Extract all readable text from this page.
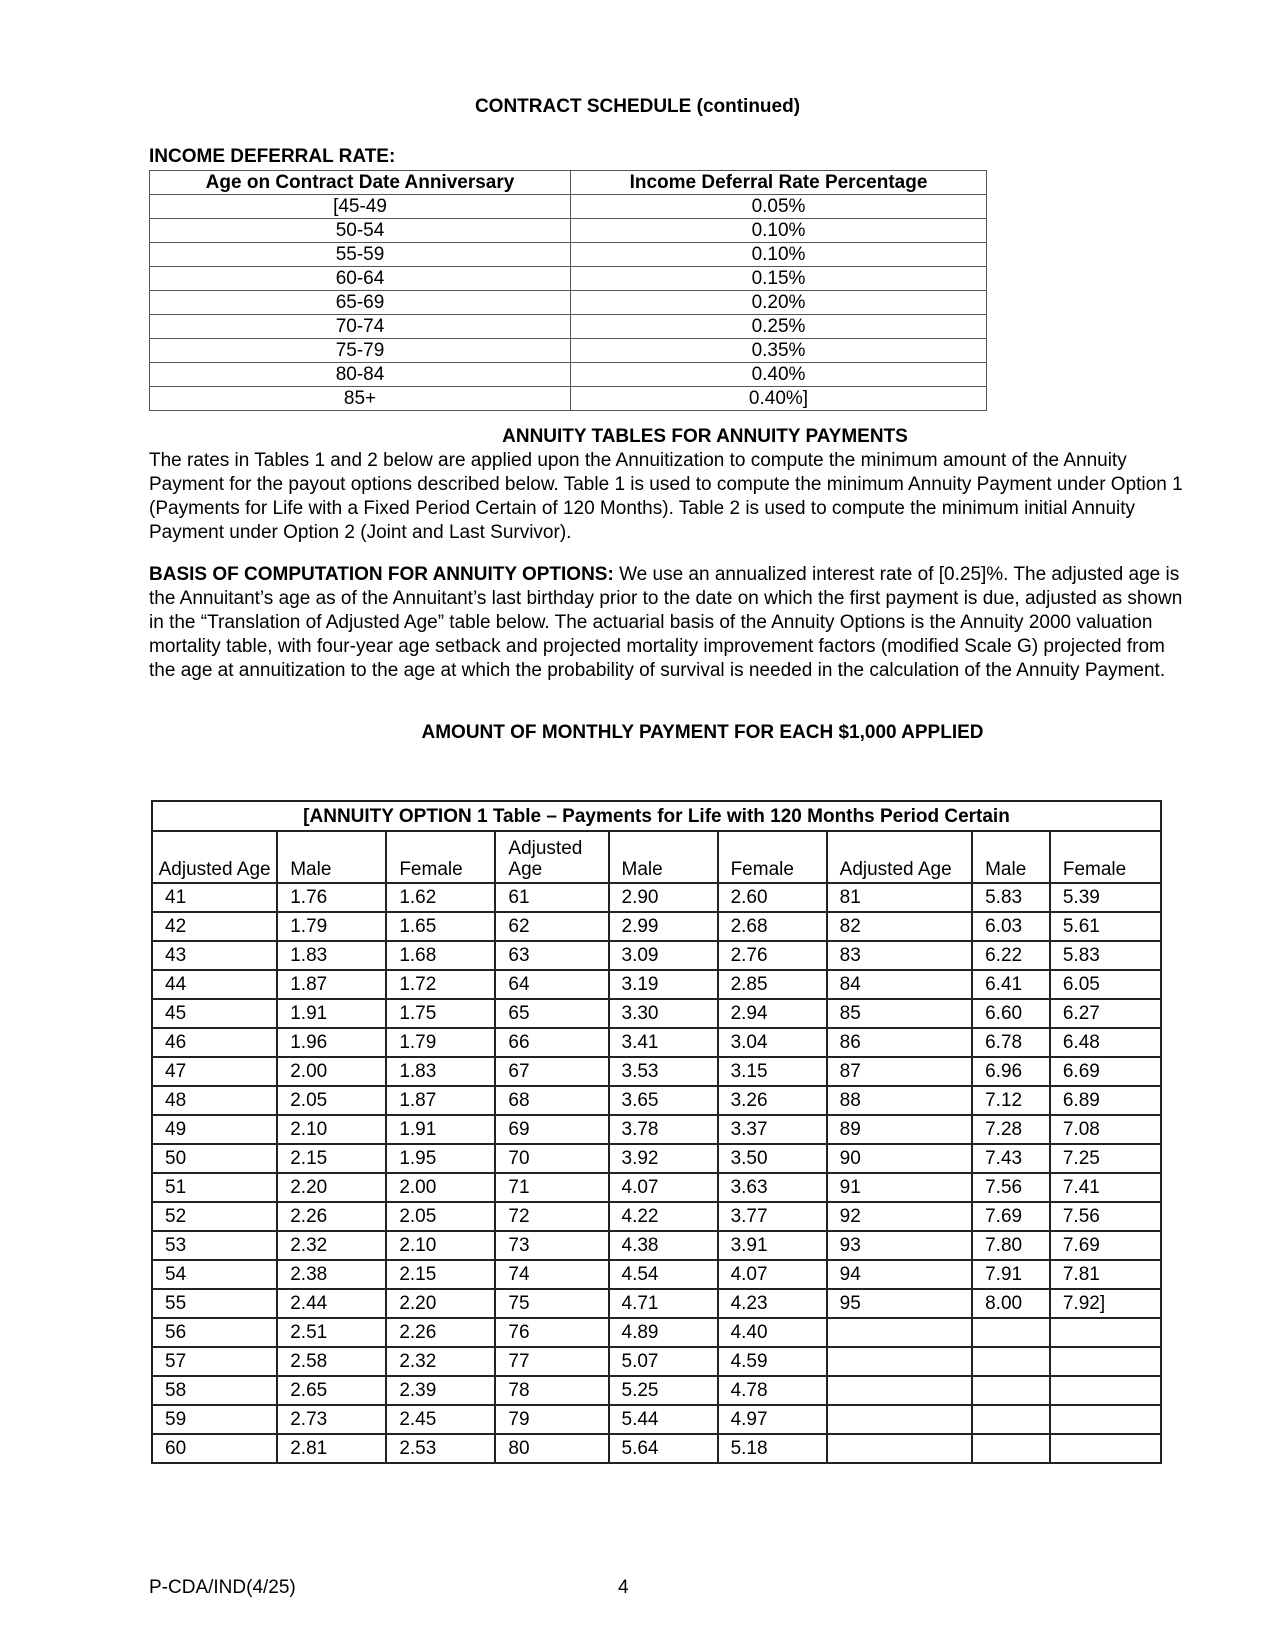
CONTRACT SCHEDULE (continued)
INCOME DEFERRAL RATE:
Age on Contract Date Anniversary	Income Deferral Rate Percentage
[45-49	0.05%
50-54	0.10%
55-59	0.10%
60-64	0.15%
65-69	0.20%
70-74	0.25%
75-79	0.35%
80-84	0.40%
85+	0.40%]
ANNUITY TABLES FOR ANNUITY PAYMENTS

The rates in Tables 1 and 2 below are applied upon the Annuitization to compute the minimum amount of the Annuity Payment for the payout options described below. Table 1 is used to compute the minimum Annuity Payment under Option 1 (Payments for Life with a Fixed Period Certain of 120 Months). Table 2 is used to compute the minimum initial Annuity Payment under Option 2 (Joint and Last Survivor).

BASIS OF COMPUTATION FOR ANNUITY OPTIONS: We use an annualized interest rate of [0.25]%. The adjusted age is the Annuitant’s age as of the Annuitant’s last birthday prior to the date on which the first payment is due, adjusted as shown in the “Translation of Adjusted Age” table below. The actuarial basis of the Annuity Options is the Annuity 2000 valuation mortality table, with four-year age setback and projected mortality improvement factors (modified Scale G) projected from the age at annuitization to the age at which the probability of survival is needed in the calculation of the Annuity Payment.

AMOUNT OF MONTHLY PAYMENT FOR EACH $1,000 APPLIED
[ANNUITY OPTION 1 Table – Payments for Life with 120 Months Period Certain								
Adjusted Age	Male	Female	Adjusted Age	Male	Female	Adjusted Age	Male	Female
41	1.76	1.62	61	2.90	2.60	81	5.83	5.39
42	1.79	1.65	62	2.99	2.68	82	6.03	5.61
43	1.83	1.68	63	3.09	2.76	83	6.22	5.83
44	1.87	1.72	64	3.19	2.85	84	6.41	6.05
45	1.91	1.75	65	3.30	2.94	85	6.60	6.27
46	1.96	1.79	66	3.41	3.04	86	6.78	6.48
47	2.00	1.83	67	3.53	3.15	87	6.96	6.69
48	2.05	1.87	68	3.65	3.26	88	7.12	6.89
49	2.10	1.91	69	3.78	3.37	89	7.28	7.08
50	2.15	1.95	70	3.92	3.50	90	7.43	7.25
51	2.20	2.00	71	4.07	3.63	91	7.56	7.41
52	2.26	2.05	72	4.22	3.77	92	7.69	7.56
53	2.32	2.10	73	4.38	3.91	93	7.80	7.69
54	2.38	2.15	74	4.54	4.07	94	7.91	7.81
55	2.44	2.20	75	4.71	4.23	95	8.00	7.92]
56	2.51	2.26	76	4.89	4.40			
57	2.58	2.32	77	5.07	4.59			
58	2.65	2.39	78	5.25	4.78			
59	2.73	2.45	79	5.44	4.97			
60	2.81	2.53	80	5.64	5.18			
P-CDA/IND(4/25)	4
